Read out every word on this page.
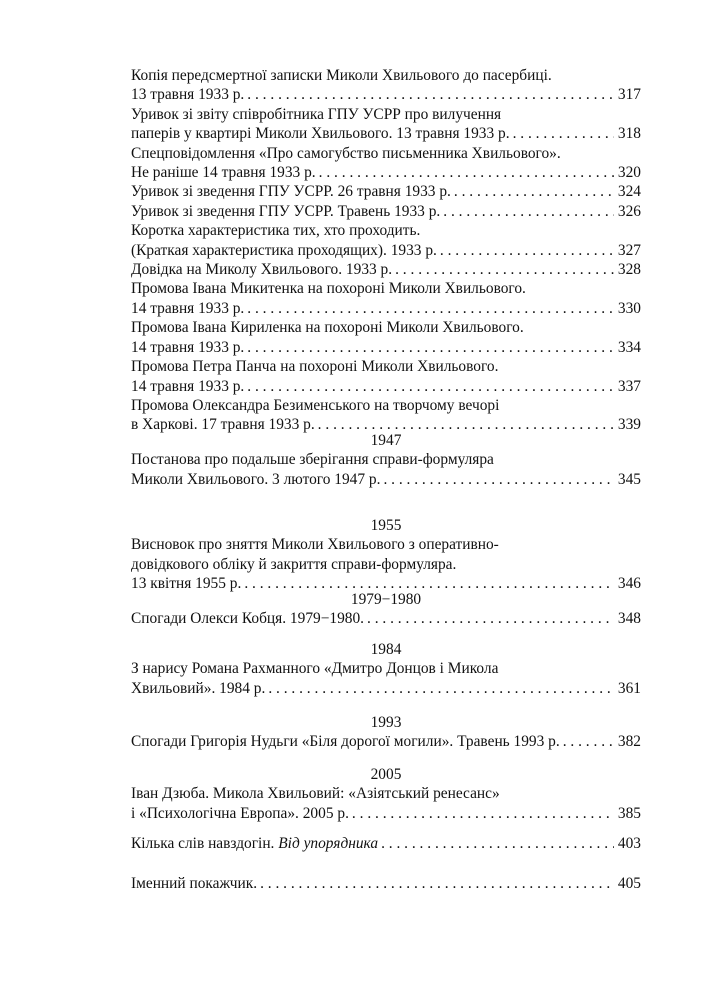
Копія передсмертної записки Миколи Хвильового до пасербиці.
13 травня 1933 р. . . .	317
Уривок зі звіту співробітника ГПУ УСРР про вилучення
паперів у квартирі Миколи Хвильового. 13 травня 1933 р. . . .	318
Спецповідомлення «Про самогубство письменника Хвильового».
Не раніше 14 травня 1933 р. . . .	320
Уривок зі зведення ГПУ УСРР. 26 травня 1933 р. . . .	324
Уривок зі зведення ГПУ УСРР. Травень 1933 р. . . .	326
Коротка характеристика тих, хто проходить.
(Краткая характеристика проходящих). 1933 р. . . .	327
Довідка на Миколу Хвильового. 1933 р. . . .	328
Промова Івана Микитенка на похороні Миколи Хвильового.
14 травня 1933 р. . . .	330
Промова Івана Кириленка на похороні Миколи Хвильового.
14 травня 1933 р. . . .	334
Промова Петра Панча на похороні Миколи Хвильового.
14 травня 1933 р. . . .	337
Промова Олександра Безименського на творчому вечорі
в Харкові. 17 травня 1933 р. . . .	339
1947
Постанова про подальше зберігання справи-формуляра
Миколи Хвильового. 3 лютого 1947 р. . . .	345
1955
Висновок про зняття Миколи Хвильового з оперативно-
довідкового обліку й закриття справи-формуляра.
13 квітня 1955 р. . . .	346
1979−1980
Спогади Олекси Кобця. 1979−1980. . . .	348
1984
З нарису Романа Рахманного «Дмитро Донцов і Микола
Хвильовий». 1984 р. . . .	361
1993
Спогади Григорія Нудьги «Біля дорогої могили». Травень 1993 р. . . .	382
2005
Іван Дзюба. Микола Хвильовий: «Азіятський ренесанс»
і «Психологічна Европа». 2005 р. . . .	385
Кілька слів навздогін. Від упорядника . . .	403
Іменний покажчик. . . .	405
